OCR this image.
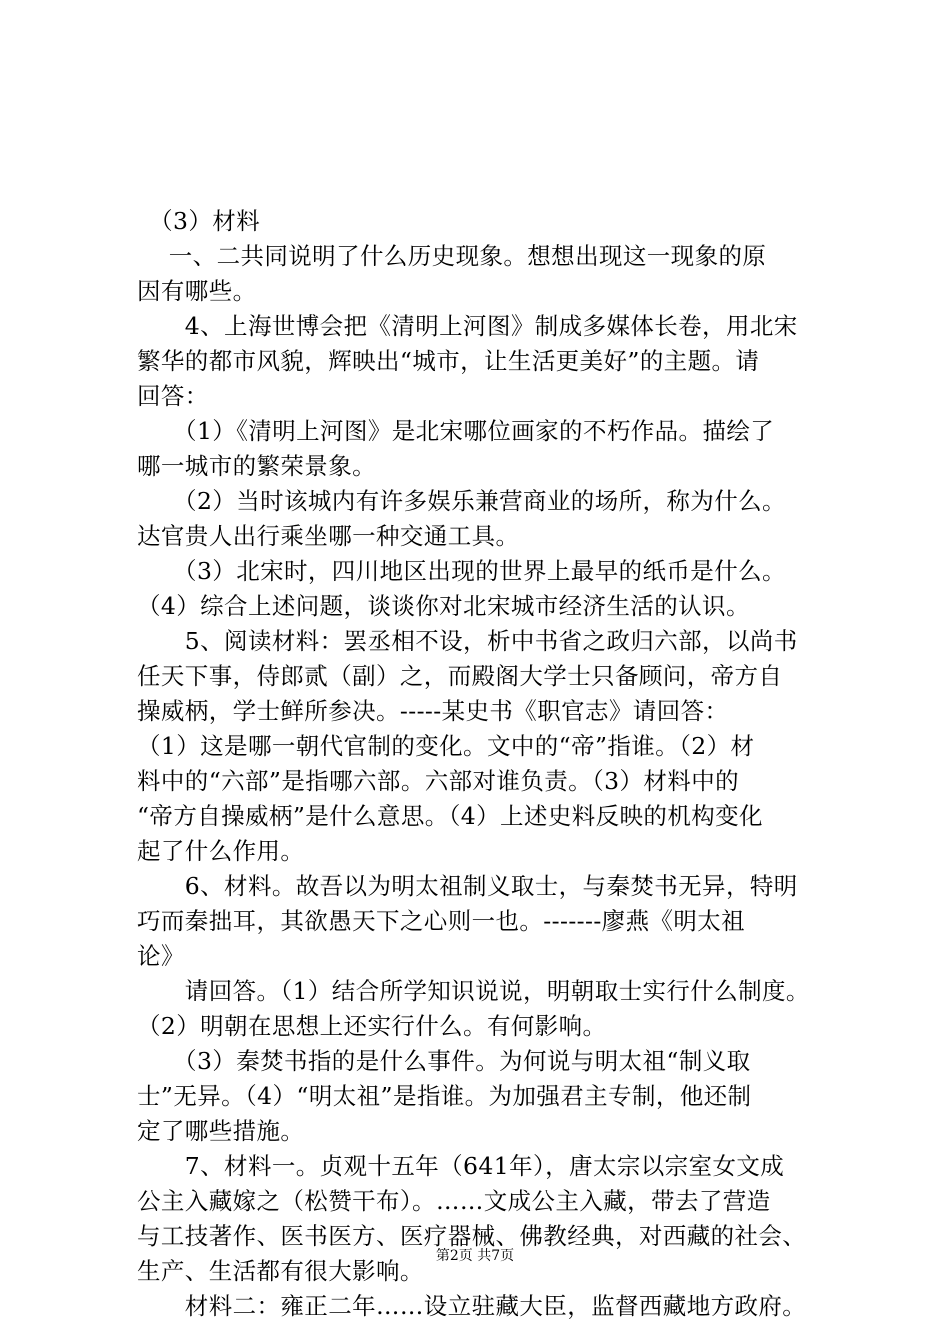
　（3）材料
　 一、二共同说明了什么历史现象。想想出现这一现象的原
因有哪些。
　　4、上海世博会把《清明上河图》制成多媒体长卷，用北宋
繁华的都市风貌，辉映出“城市，让生活更美好”的主题。请
回答：
　　（1）《清明上河图》是北宋哪位画家的不朽作品。描绘了
哪一城市的繁荣景象。
　　（2）当时该城内有许多娱乐兼营商业的场所，称为什么。
达官贵人出行乘坐哪一种交通工具。
　　（3）北宋时，四川地区出现的世界上最早的纸币是什么。
（4）综合上述问题，谈谈你对北宋城市经济生活的认识。
　　5、阅读材料：罢丞相不设，析中书省之政归六部，以尚书
任天下事，侍郎贰（副）之，而殿阁大学士只备顾问，帝方自
操威柄，学士鲜所参决。-----某史书《职官志》请回答：
（1）这是哪一朝代官制的变化。文中的“帝”指谁。（2）材
料中的“六部”是指哪六部。六部对谁负责。（3）材料中的
“帝方自操威柄”是什么意思。（4）上述史料反映的机构变化
起了什么作用。
　　6、材料。故吾以为明太祖制义取士，与秦焚书无异，特明
巧而秦拙耳，其欲愚天下之心则一也。-------廖燕《明太祖
论》
　　请回答。（1）结合所学知识说说，明朝取士实行什么制度。
（2）明朝在思想上还实行什么。有何影响。
　　（3）秦焚书指的是什么事件。为何说与明太祖“制义取
士”无异。（4）“明太祖”是指谁。为加强君主专制，他还制
定了哪些措施。
　　7、材料一。贞观十五年（641年），唐太宗以宗室女文成
公主入藏嫁之（松赞干布）。……文成公主入藏，带去了营造
与工技著作、医书医方、医疗器械、佛教经典，对西藏的社会、
生产、生活都有很大影响。
　　材料二：雍正二年……设立驻藏大臣，监督西藏地方政府。
第2页 共7页
